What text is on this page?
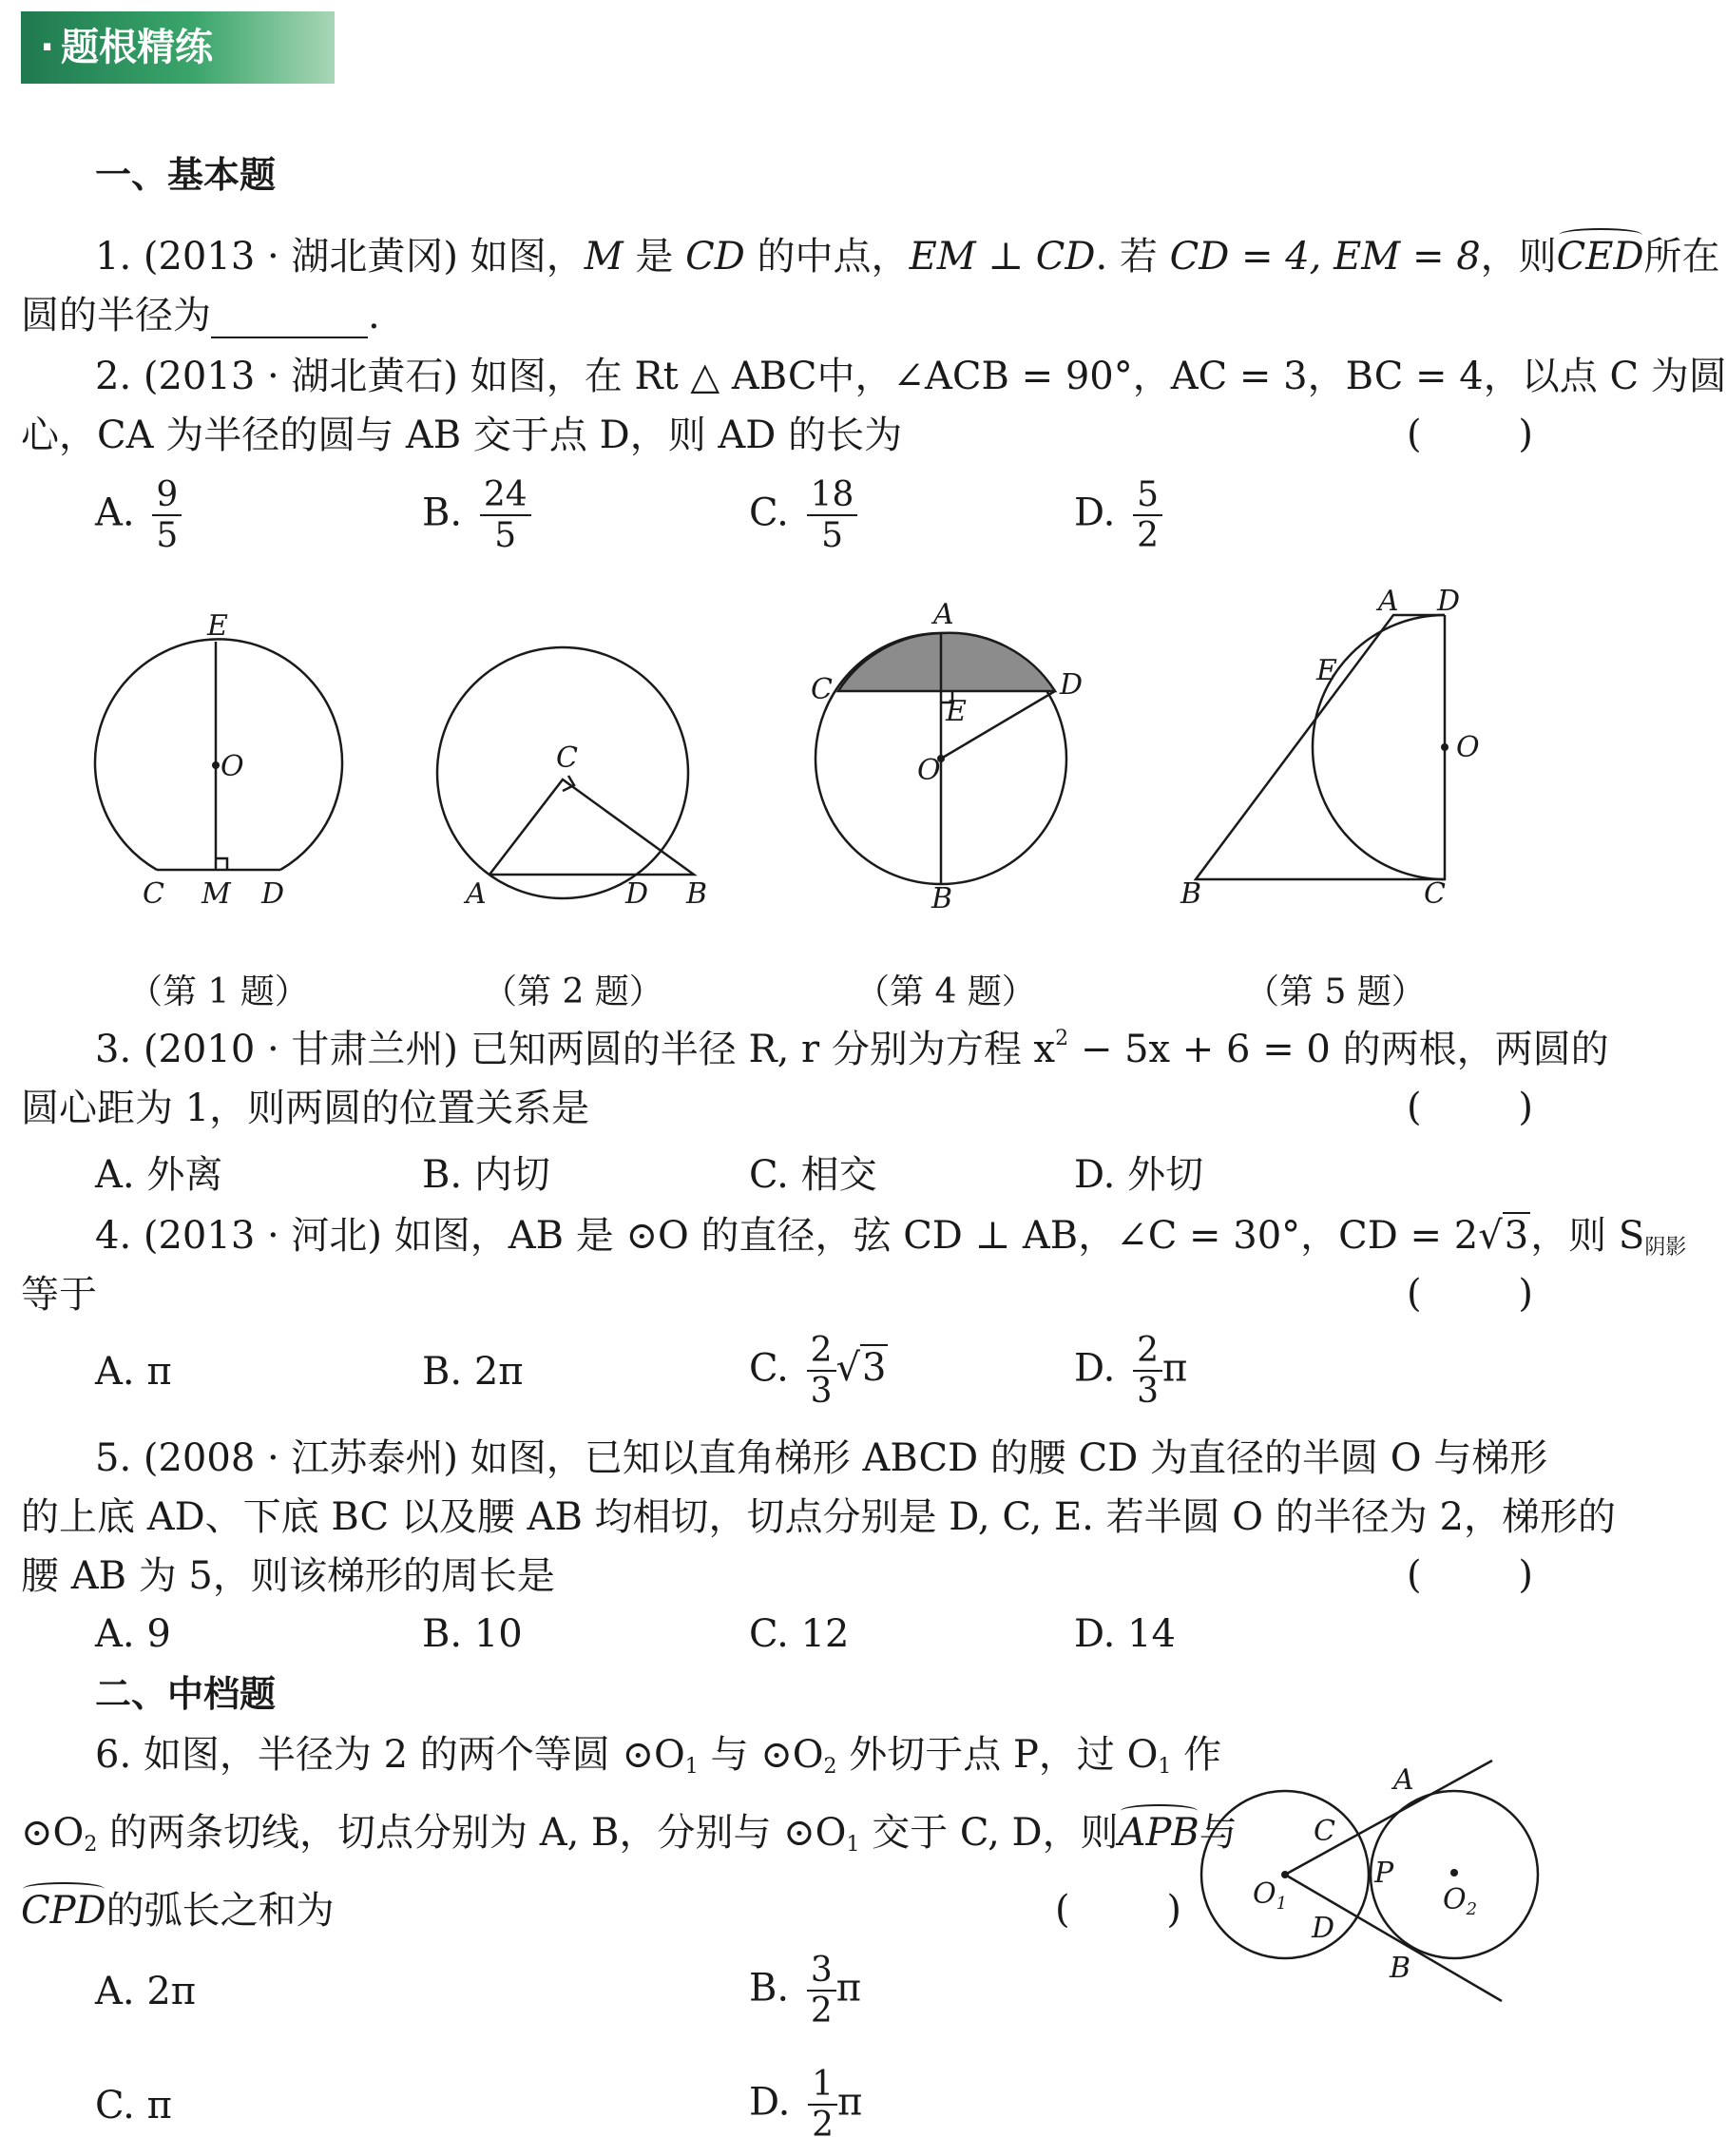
· 题根精练
一、基本题
1. (2013 · 湖北黄冈) 如图，M 是 CD 的中点，EM ⊥ CD. 若 CD = 4, EM = 8，则CED所在
圆的半径为	.
2. (2013 · 湖北黄石) 如图，在 Rt △ ABC中，∠ACB = 90°，AC = 3，BC = 4，以点 C 为圆
心，CA 为半径的圆与 AB 交于点 D，则 AD 的长为	(        )
A. $\frac{9}{5}$	B. $\frac{24}{5}$	C. $\frac{18}{5}$	D. $\frac{5}{2}$
E
O
C M D
C
A	D B
A
C	D
E
O
B
A D
E
O
B	C
（第 1 题）	（第 2 题）	（第 4 题）	（第 5 题）
3. (2010 · 甘肃兰州) 已知两圆的半径 R, r 分别为方程 $x^2 - 5x + 6 = 0$ 的两根，两圆的
圆心距为 1，则两圆的位置关系是	(        )
A. 外离	B. 内切	C. 相交	D. 外切
4. (2013 · 河北) 如图，AB 是 ⊙O 的直径，弦 CD ⊥ AB，∠C = 30°，CD = 2√3，则 $S_{阴影}$
等于	(        )
A. π	B. 2π	C. $\frac{2}{3} √3$	D. $\frac{2}{3}$ π
5. (2008 · 江苏泰州) 如图，已知以直角梯形 ABCD 的腰 CD 为直径的半圆 O 与梯形
的上底 AD、下底 BC 以及腰 AB 均相切，切点分别是 D, C, E. 若半圆 O 的半径为 2，梯形的
腰 AB 为 5，则该梯形的周长是	(        )
A. 9	B. 10	C. 12	D. 14
二、中档题
6. 如图，半径为 2 的两个等圆 $⊙O_1$ 与 $⊙O_2$ 外切于点 P，过 $O_1$ 作
$⊙O_2$ 的两条切线，切点分别为 A, B，分别与 $⊙O_1$ 交于 C, D，则APB与
CPD的弧长之和为	(        )
A. 2π	B. $\frac{3}{2}$ π
C. π	D. $\frac{1}{2}$ π
A
C
$O_1$
P
$O_2$
D
B
